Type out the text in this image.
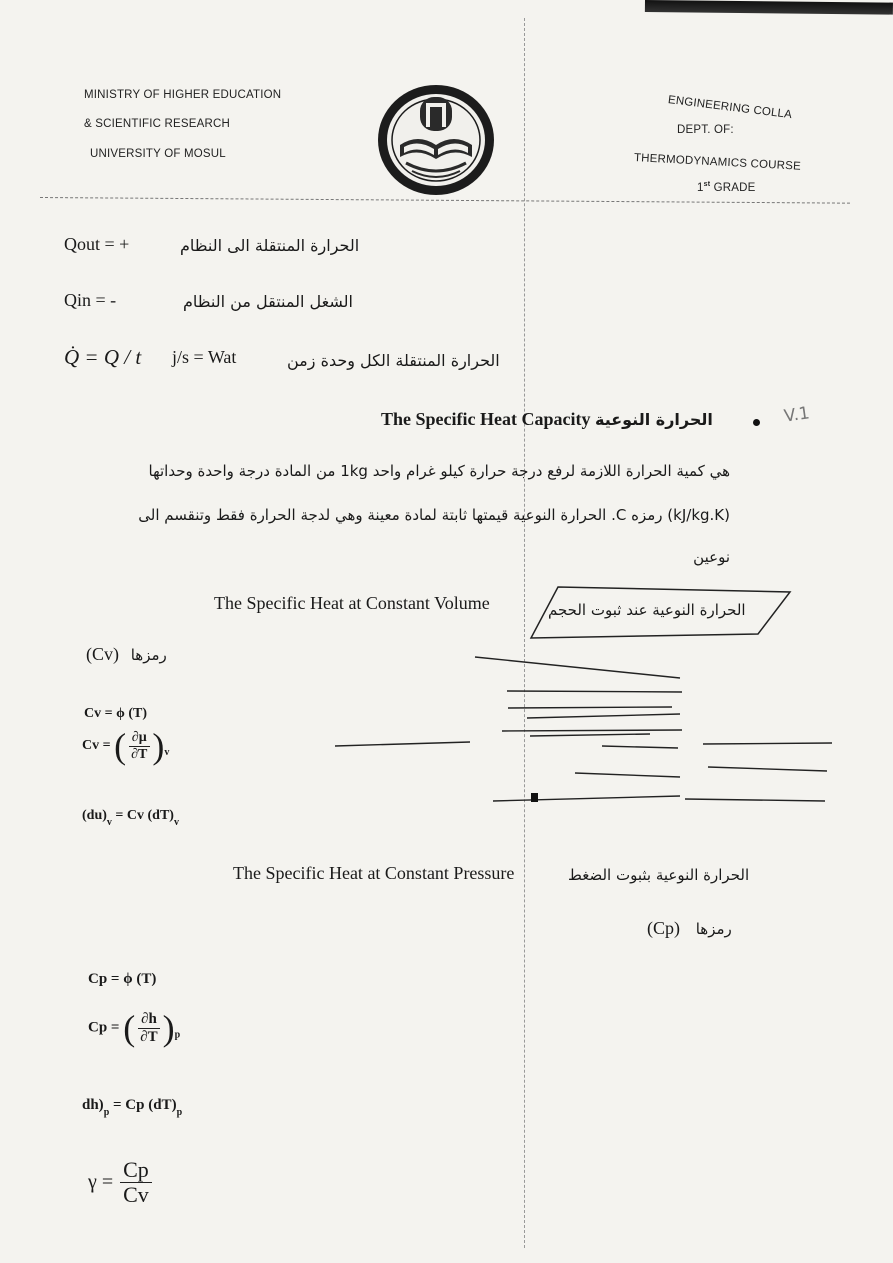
MINISTRY OF HIGHER EDUCATION
& SCIENTIFIC RESEARCH
UNIVERSITY OF MOSUL
ENGINEERING COLLA
DEPT. OF:
THERMODYNAMICS COURSE
1st GRADE
Qout = +	الحرارة المنتقلة الى النظام
Qin = -	الشغل المنتقل من النظام
Q̇ = Q / t j/s = Wat	الحرارة المنتقلة الكل وحدة زمن
The Specific Heat Capacity الحرارة النوعية	V.1
هي كمية الحرارة اللازمة لرفع درجة حرارة كيلو غرام واحد 1kg من المادة درجة واحدة وحداتها
(kJ/kg.K) رمزه C. الحرارة النوعية قيمتها ثابتة لمادة معينة وهي لدجة الحرارة فقط وتنقسم الى
نوعين
The Specific Heat at Constant Volume	الحرارة النوعية عند ثبوت الحجم
(Cv) رمزها
Cv = ϕ (T)
Cv = ( $\frac{\partial\mu}{\partial T} )_v$
$(du)_v = Cv$ $(dT)_v$
The Specific Heat at Constant Pressure	الحرارة النوعية بثبوت الضغط
(Cp) رمزها
Cp = ϕ (T)
Cp = ( $\frac{\partial h}{\partial T} )_p$
$dh)_p = Cp$ $(dT)_p$
$\gamma = \frac{Cp}{Cv}$
